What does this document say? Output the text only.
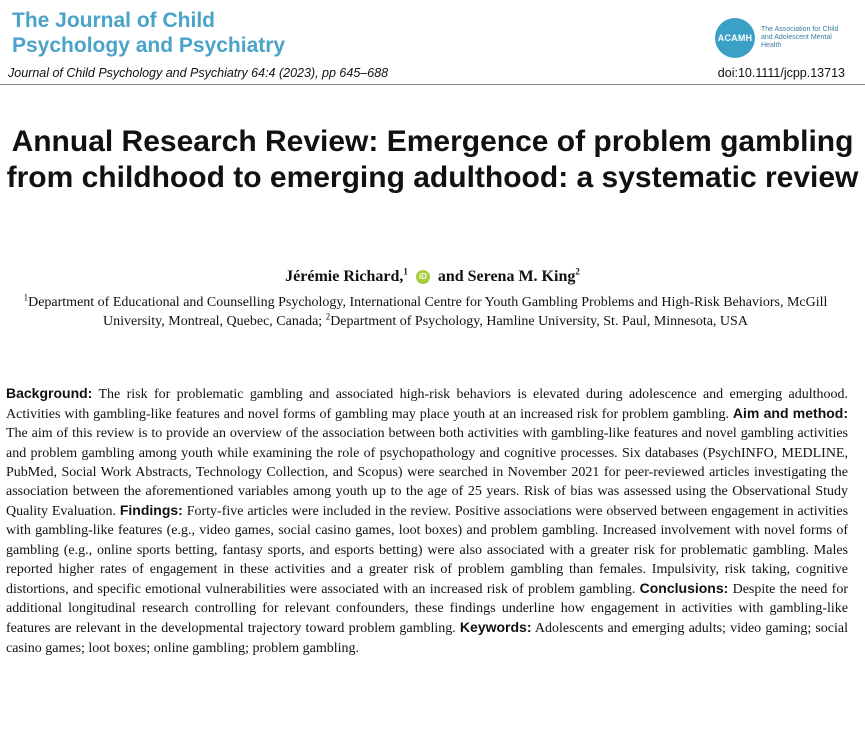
The Journal of Child
Psychology and Psychiatry	ACAMH
The Association for Child and Adolescent Mental Health
Journal of Child Psychology and Psychiatry 64:4 (2023), pp 645–688	doi:10.1111/jcpp.13713
Annual Research Review: Emergence of problem gambling from childhood to emerging adulthood: a systematic review
Jérémie Richard,$^1$ iD and Serena M. King$^2$
$^1$Department of Educational and Counselling Psychology, International Centre for Youth Gambling Problems and High-Risk Behaviors, McGill University, Montreal, Quebec, Canada; $^2$Department of Psychology, Hamline University, St. Paul, Minnesota, USA

Background: The risk for problematic gambling and associated high-risk behaviors is elevated during adolescence and emerging adulthood. Activities with gambling-like features and novel forms of gambling may place youth at an increased risk for problem gambling. Aim and method: The aim of this review is to provide an overview of the association between both activities with gambling-like features and novel gambling activities and problem gambling among youth while examining the role of psychopathology and cognitive processes. Six databases (PsychINFO, MEDLINE, PubMed, Social Work Abstracts, Technology Collection, and Scopus) were searched in November 2021 for peer-reviewed articles investigating the association between the aforementioned variables among youth up to the age of 25 years. Risk of bias was assessed using the Observational Study Quality Evaluation. Findings: Forty-five articles were included in the review. Positive associations were observed between engagement in activities with gambling-like features (e.g., video games, social casino games, loot boxes) and problem gambling. Increased involvement with novel forms of gambling (e.g., online sports betting, fantasy sports, and esports betting) were also associated with a greater risk for problematic gambling. Males reported higher rates of engagement in these activities and a greater risk of problem gambling than females. Impulsivity, risk taking, cognitive distortions, and specific emotional vulnerabilities were associated with an increased risk of problem gambling. Conclusions: Despite the need for additional longitudinal research controlling for relevant confounders, these findings underline how engagement in activities with gambling-like features are relevant in the developmental trajectory toward problem gambling. Keywords: Adolescents and emerging adults; video gaming; social casino games; loot boxes; online gambling; problem gambling.
